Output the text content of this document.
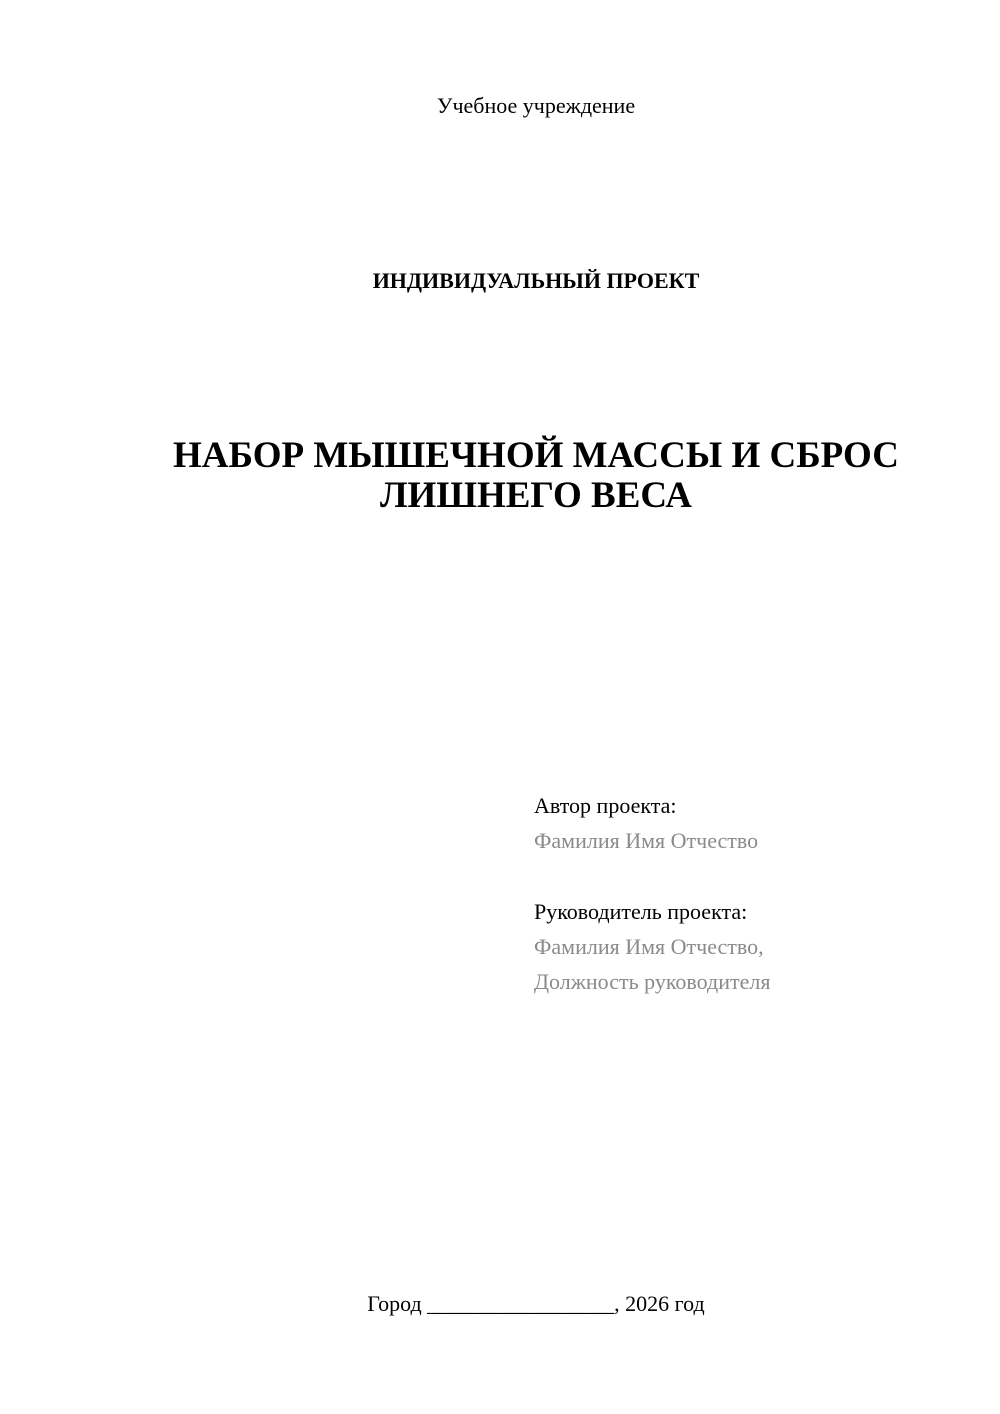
Учебное учреждение
ИНДИВИДУАЛЬНЫЙ ПРОЕКТ
НАБОР МЫШЕЧНОЙ МАССЫ И СБРОС
ЛИШНЕГО ВЕСА
Автор проекта:
Фамилия Имя Отчество
Руководитель проекта:
Фамилия Имя Отчество,
Должность руководителя
Город _________________, 2026 год
